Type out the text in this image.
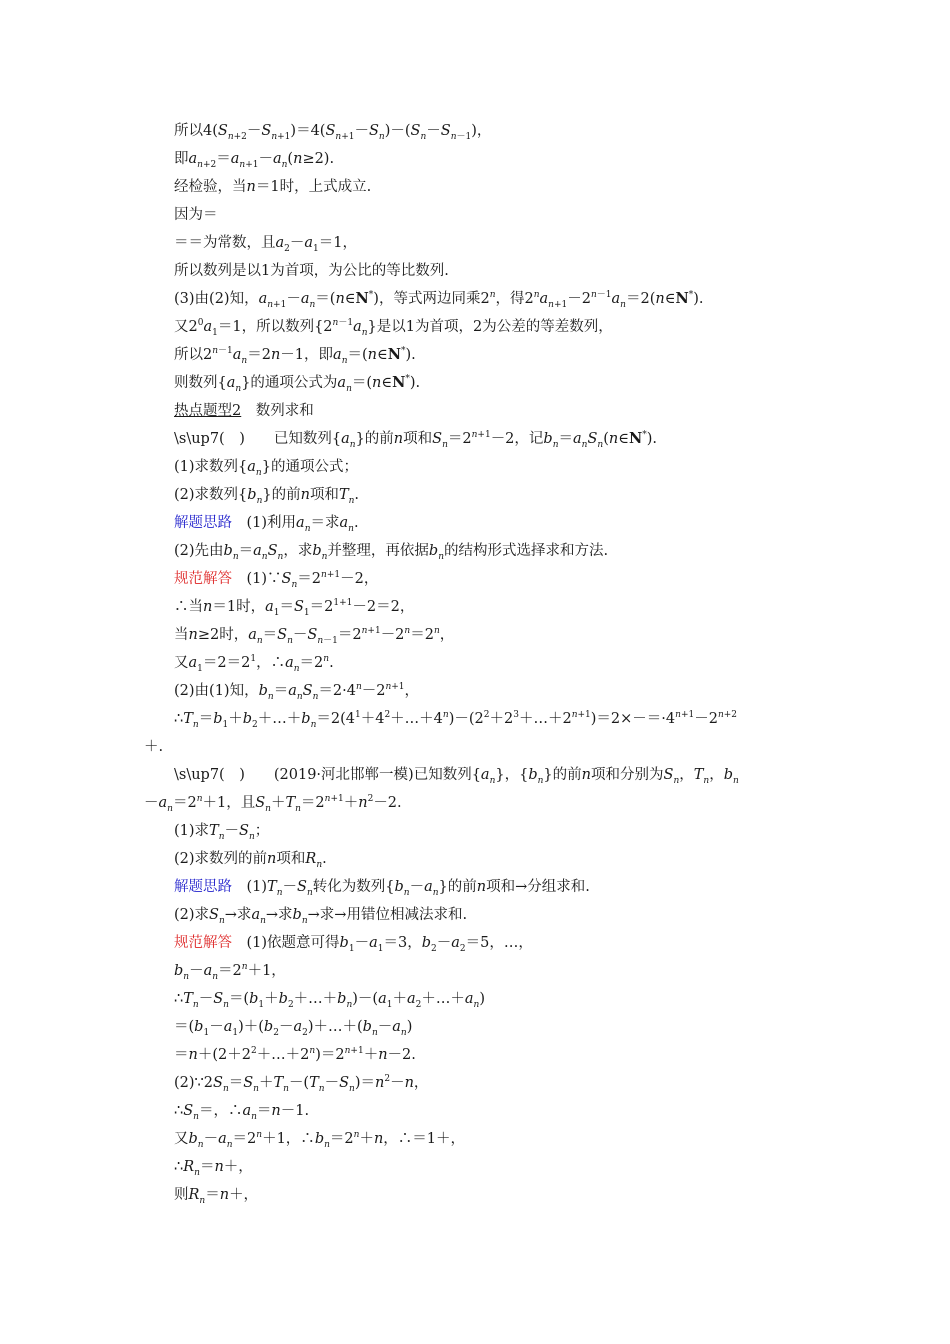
所以$4(S_{n+2}-S_{n+1})=4(S_{n+1}-S_n)-(S_n-S_{n-1})$，
即$a_{n+2}=a_{n+1}-a_n(n\ge 2)$.
经检验，当n＝1时，上式成立.
因为＝
＝＝为常数，且$a_2-a_1=1$，
所以数列是以1为首项，为公比的等比数列.
(3)由(2)知，$a_{n+1}-a_n=(n\in N^*)$，等式两边同乘2$^n$，得$2^na_{n+1}-2^{n-1}a_n=2(n\in N^*)$.
又$2^0a_1=1$，所以数列$\{2^{n-1}a_n\}$是以1为首项，2为公差的等差数列，
所以$2^{n-1}a_n=2n-1$，即$a_n=(n\in N^*)$.
则数列$\{a_n\}$的通项公式为$a_n=(n\in N^*)$.
热点题型2　数列求和
\s\up7(　)　　已知数列$\{a_n\}$的前n项和$S_n=2^{n+1}-2$，记$b_n=a_nS_n(n\in N^*)$.
(1)求数列$\{a_n\}$的通项公式；
(2)求数列$\{b_n\}$的前n项和$T_n$.
解题思路　(1)利用$a_n=$求$a_n$.
(2)先由$b_n=a_nS_n$，求$b_n$并整理，再依据$b_n$的结构形式选择求和方法.
规范解答　$(1)\because S_n=2^{n+1}-2$，
∴当n＝1时，$a_1=S_1=2^{1+1}-2=2$，
当n≥2时，$a_n=S_n-S_{n-1}=2^{n+1}-2^n=2^n$，
又$a_1=2=2^1$，$\therefore a_n=2^n$.
(2)由(1)知，$b_n=a_nS_n=2\cdot 4^n-2^{n+1}$，
$\therefore T_n=b_1+b_2+\dots+b_n=2(4^1+4^2+\dots+4^n)-(2^2+2^3+\dots+2^{n+1})=2\times-=\cdot 4^{n+1}-2^{n+2}$
＋.
\s\up7(　)　　(2019·河北邯郸一模)已知数列$\{a_n\}$，$\{b_n\}$的前n项和分别为$S_n$，$T_n$，$b_n$
$-a_n=2^n+1$，且$S_n+T_n=2^{n+1}+n^2-2$.
(1)求$T_n-S_n$；
(2)求数列的前n项和$R_n$.
解题思路　$(1)T_n-S_n$转化为数列$\{b_n-a_n\}$的前n项和→分组求和.
(2)求$S_n\to$求$a_n\to$求$b_n\to$求→用错位相减法求和.
规范解答　(1)依题意可得$b_1-a_1=3$，$b_2-a_2=5$，…，
$b_n-a_n=2^n+1$，
$\therefore T_n-S_n=(b_1+b_2+\dots+b_n)-(a_1+a_2+\dots+a_n)$
$=(b_1-a_1)+(b_2-a_2)+\dots+(b_n-a_n)$
$=n+(2+2^2+\dots+2^n)=2^{n+1}+n-2$.
$(2)\because 2S_n=S_n+T_n-(T_n-S_n)=n^2-n$，
$\therefore S_n=$，$\therefore a_n=n-1$.
又$b_n-a_n=2^n+1$，$\therefore b_n=2^n+n$，∴＝1＋，
$\therefore R_n=n+$，
则$R_n=n+$，
